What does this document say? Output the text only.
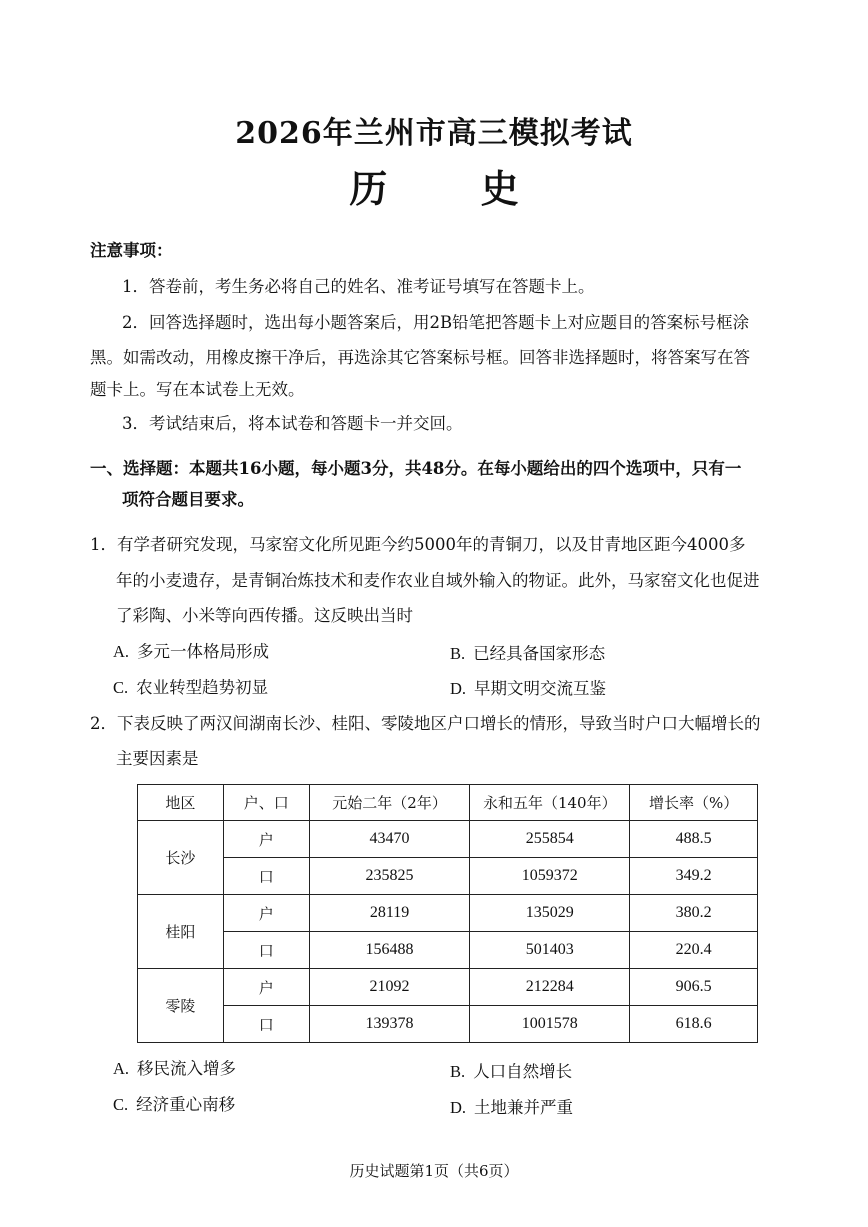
2026年兰州市高三模拟考试
历 史
注意事项：
1．答卷前，考生务必将自己的姓名、准考证号填写在答题卡上。
2．回答选择题时，选出每小题答案后，用2B铅笔把答题卡上对应题目的答案标号框涂
黑。如需改动，用橡皮擦干净后，再选涂其它答案标号框。回答非选择题时，将答案写在答
题卡上。写在本试卷上无效。
3．考试结束后，将本试卷和答题卡一并交回。
一、选择题：本题共16小题，每小题3分，共48分。在每小题给出的四个选项中，只有一
项符合题目要求。
1．有学者研究发现，马家窑文化所见距今约5000年的青铜刀，以及甘青地区距今4000多
年的小麦遗存，是青铜冶炼技术和麦作农业自域外输入的物证。此外，马家窑文化也促进
了彩陶、小米等向西传播。这反映出当时
A. 多元一体格局形成	B. 已经具备国家形态
C. 农业转型趋势初显	D. 早期文明交流互鉴
2．下表反映了两汉间湖南长沙、桂阳、零陵地区户口增长的情形，导致当时户口大幅增长的
主要因素是
地区	户、口	元始二年（2年）	永和五年（140年）	增长率（%）
长沙	户	43470	255854	488.5
	口	235825	1059372	349.2
桂阳	户	28119	135029	380.2
	口	156488	501403	220.4
零陵	户	21092	212284	906.5
	口	139378	1001578	618.6
A. 移民流入增多	B. 人口自然增长
C. 经济重心南移	D. 土地兼并严重
历史试题第1页（共6页）
